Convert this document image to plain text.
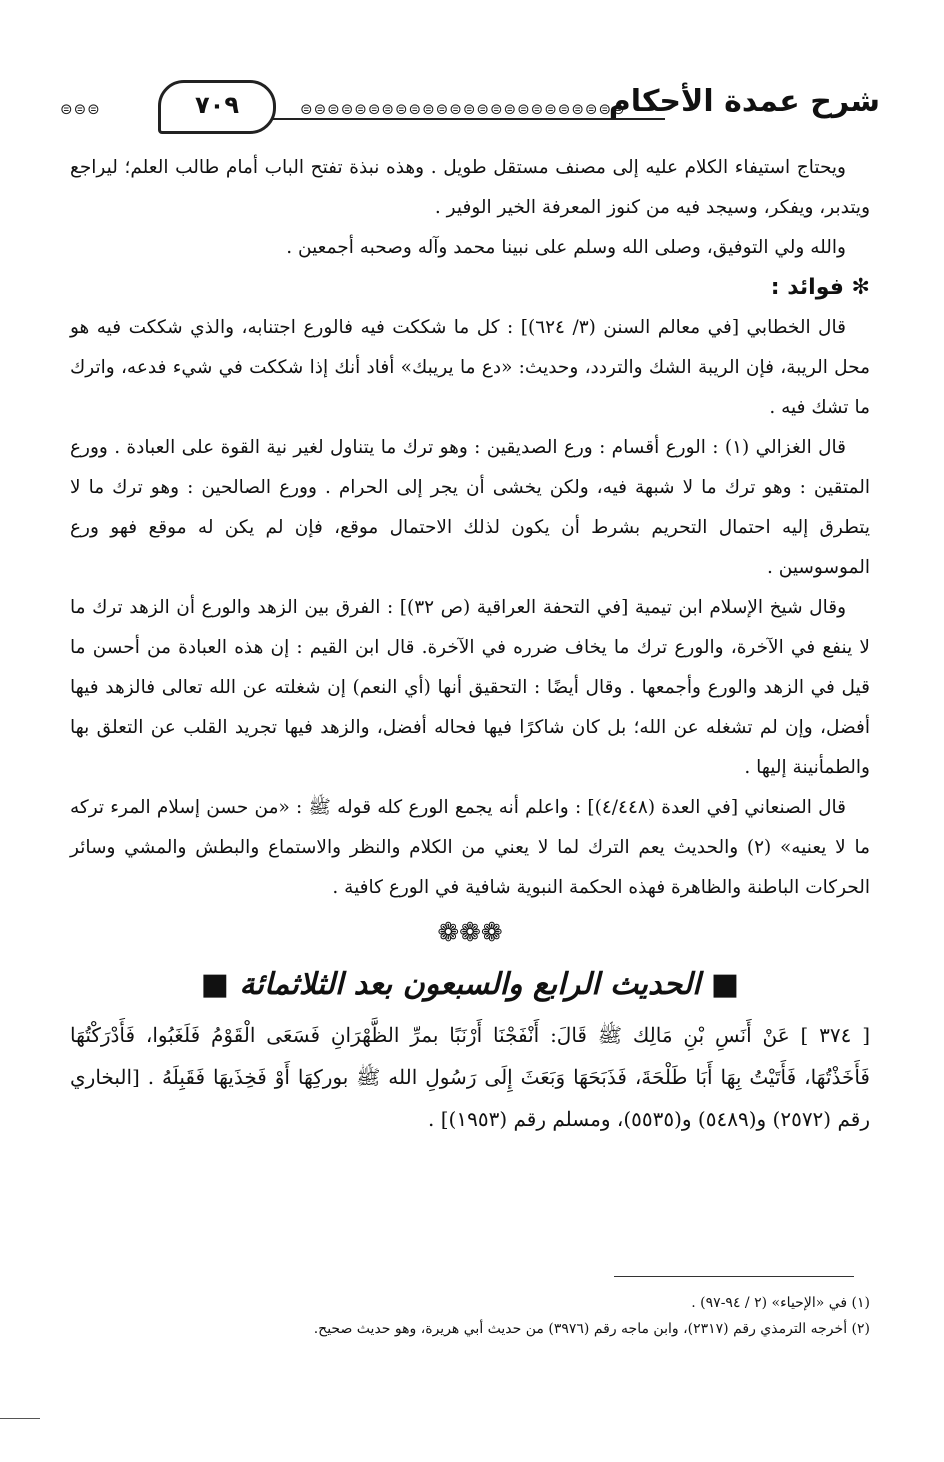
⊜⊜⊜	٧٠٩	⊜⊜⊜⊜⊜⊜⊜⊜⊜⊜⊜⊜⊜⊜⊜⊜⊜⊜⊜⊜⊜⊜⊜⊜
شرح عمدة الأحكام

ويحتاج استيفاء الكلام عليه إلى مصنف مستقل طويل . وهذه نبذة تفتح الباب أمام طالب العلم؛ ليراجع ويتدبر، ويفكر، وسيجد فيه من كنوز المعرفة الخير الوفير .

والله ولي التوفيق، وصلى الله وسلم على نبينا محمد وآله وصحبه أجمعين .

✻ فوائد :

قال الخطابي [في معالم السنن (٣/ ٦٢٤)] : كل ما شككت فيه فالورع اجتنابه، والذي شككت فيه هو محل الريبة، فإن الريبة الشك والتردد، وحديث: «دع ما يريبك» أفاد أنك إذا شككت في شيء فدعه، واترك ما تشك فيه .

قال الغزالي (١) : الورع أقسام : ورع الصديقين : وهو ترك ما يتناول لغير نية القوة على العبادة . وورع المتقين : وهو ترك ما لا شبهة فيه، ولكن يخشى أن يجر إلى الحرام . وورع الصالحين : وهو ترك ما لا يتطرق إليه احتمال التحريم بشرط أن يكون لذلك الاحتمال موقع، فإن لم يكن له موقع فهو ورع الموسوسين .

وقال شيخ الإسلام ابن تيمية [في التحفة العراقية (ص ٣٢)] : الفرق بين الزهد والورع أن الزهد ترك ما لا ينفع في الآخرة، والورع ترك ما يخاف ضرره في الآخرة. قال ابن القيم : إن هذه العبادة من أحسن ما قيل في الزهد والورع وأجمعها . وقال أيضًا : التحقيق أنها (أي النعم) إن شغلته عن الله تعالى فالزهد فيها أفضل، وإن لم تشغله عن الله؛ بل كان شاكرًا فيها فحاله أفضل، والزهد فيها تجريد القلب عن التعلق بها والطمأنينة إليها .

قال الصنعاني [في العدة (٤/٤٤٨)] : واعلم أنه يجمع الورع كله قوله ﷺ : «من حسن إسلام المرء تركه ما لا يعنيه» (٢) والحديث يعم الترك لما لا يعني من الكلام والنظر والاستماع والبطش والمشي وسائر الحركات الباطنة والظاهرة فهذه الحكمة النبوية شافية في الورع كافية .

❁❁❁
■ الحديث الرابع والسبعون بعد الثلاثمائة ■

[ ٣٧٤ ] عَنْ أَنَسِ بْنِ مَالِك ﷺ قَالَ: أَنْفَجْنَا أَرْنَبًا بمرِّ الظَّهْرَانِ فَسَعَى الْقَوْمُ فَلَغَبُوا، فَأَدْرَكْتُهَا فَأَخَذْتُهَا، فَأَتَيْتُ بِهَا أَبَا طَلْحَةَ، فَذَبَحَهَا وَبَعَثَ إِلَى رَسُولِ الله ﷺ بوركِهَا أَوْ فَخِذَيهَا فَقَبِلَهُ . [البخاري رقم (٢٥٧٢) و(٥٤٨٩) و(٥٥٣٥)، ومسلم رقم (١٩٥٣)] .

(١) في «الإحياء» (٢ / ٩٤-٩٧) .

(٢) أخرجه الترمذي رقم (٢٣١٧)، وابن ماجه رقم (٣٩٧٦) من حديث أبي هريرة، وهو حديث صحيح.
